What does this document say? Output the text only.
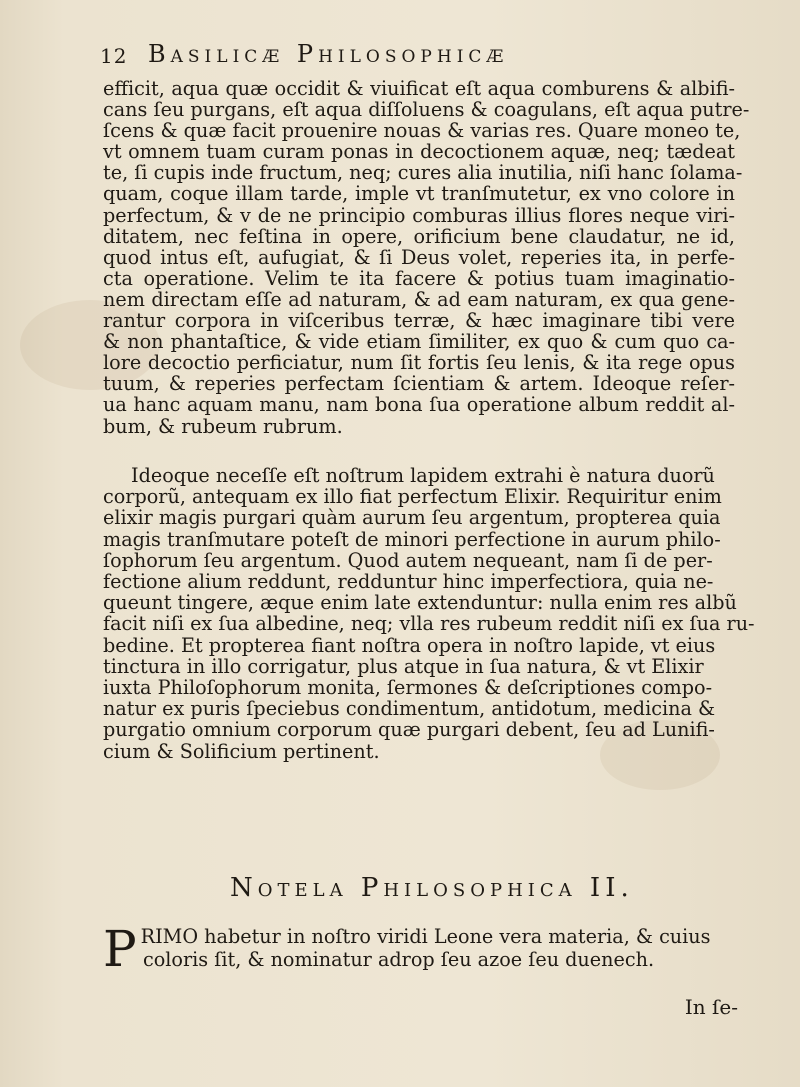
12 Basilicæ Philosophicæ
efficit, aqua quæ occidit & viuificat eſt aqua comburens & albifi-
cans ſeu purgans, eſt aqua diſſoluens & coagulans, eſt aqua putre-
ſcens & quæ facit prouenire nouas & varias res. Quare moneo te,
vt omnem tuam curam ponas in decoctionem aquæ, neq; tædeat
te, ſi cupis inde fructum, neq; cures alia inutilia, niſi hanc ſolama-
quam, coque illam tarde, imple vt tranſmutetur, ex vno colore in
perfectum, & v de ne principio comburas illius flores neque viri-
ditatem, nec feſtina in opere, orificium bene claudatur, ne id,
quod intus eſt, aufugiat, & ſi Deus volet, reperies ita, in perfe-
cta operatione. Velim te ita facere & potius tuam imaginatio-
nem directam eſſe ad naturam, & ad eam naturam, ex qua gene-
rantur corpora in viſceribus terræ, & hæc imaginare tibi vere
& non phantaſtice, & vide etiam ſimiliter, ex quo & cum quo ca-
lore decoctio perficiatur, num ſit fortis ſeu lenis, & ita rege opus
tuum, & reperies perfectam ſcientiam & artem. Ideoque reſer-
ua hanc aquam manu, nam bona ſua operatione album reddit al-
bum, & rubeum rubrum.
Ideoque neceſſe eſt noſtrum lapidem extrahi è natura duorũ
corporũ, antequam ex illo fiat perfectum Elixir. Requiritur enim
elixir magis purgari quàm aurum ſeu argentum, propterea quia
magis tranſmutare poteſt de minori perfectione in aurum philo-
ſophorum ſeu argentum. Quod autem nequeant, nam ſi de per-
fectione alium reddunt, redduntur hinc imperfectiora, quia ne-
queunt tingere, æque enim late extenduntur: nulla enim res albũ
facit niſi ex ſua albedine, neq; vlla res rubeum reddit niſi ex ſua ru-
bedine. Et propterea fiant noſtra opera in noſtro lapide, vt eius
tinctura in illo corrigatur, plus atque in ſua natura, & vt Elixir
iuxta Philoſophorum monita, ſermones & deſcriptiones compo-
natur ex puris ſpeciebus condimentum, antidotum, medicina &
purgatio omnium corporum quæ purgari debent, ſeu ad Lunifi-
cium & Solificium pertinent.
Notela Philosophica II.
P RIMO habetur in noſtro viridi Leone vera materia, & cuius
coloris ſit, & nominatur adrop ſeu azoe ſeu duenech.
In ſe-
